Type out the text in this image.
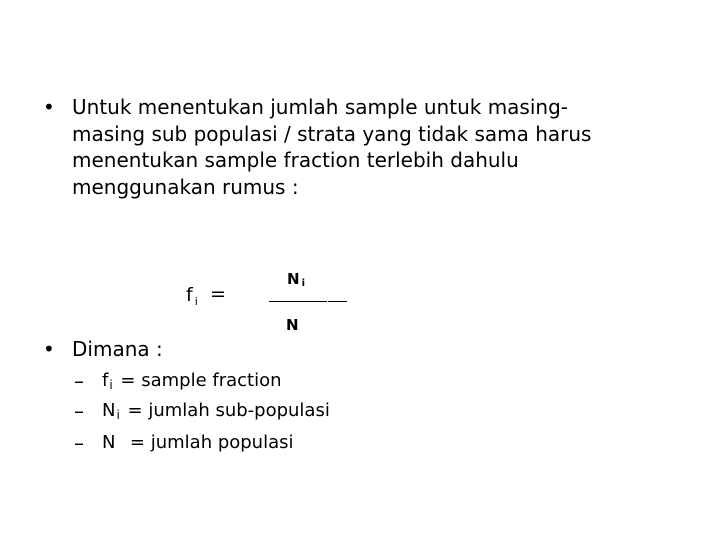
• Untuk menentukan jumlah sample untuk masing-
masing sub populasi / strata yang tidak sama harus
menentukan sample fraction terlebih dahulu
menggunakan rumus :
f $_i$ =
Ni
N
• Dimana :
– fi = sample fraction
– Ni = jumlah sub-populasi
– N  = jumlah populasi
